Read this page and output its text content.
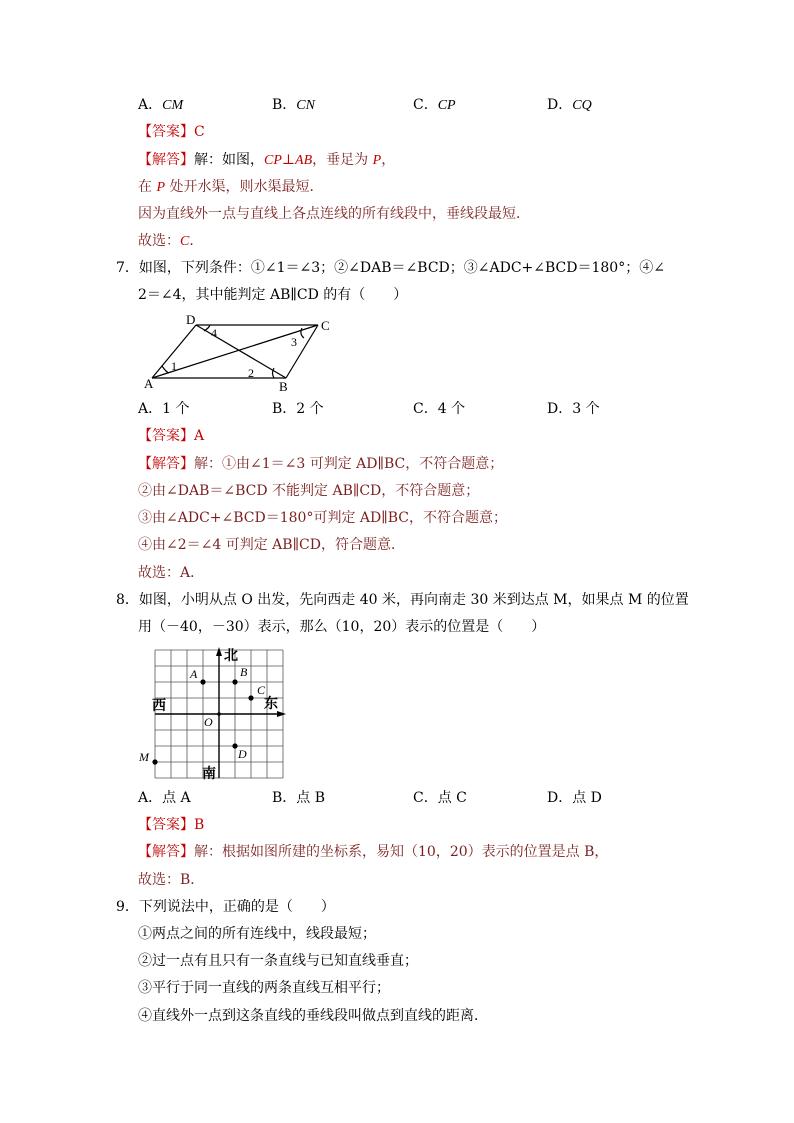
A．CM	B．CN	C．CP	D．CQ
【答案】C
【解答】解：如图，CP⊥AB，垂足为 P，
在 P 处开水渠，则水渠最短．
因为直线外一点与直线上各点连线的所有线段中，垂线段最短．
故选：C．
7．如图，下列条件：①∠1＝∠3；②∠DAB＝∠BCD；③∠ADC+∠BCD＝180°；④∠
2＝∠4，其中能判定 AB∥CD 的有（　　）
A	B
C
D
1	2
3
4
A．1 个	B．2 个	C．4 个	D．3 个
【答案】A
【解答】解：①由∠1＝∠3 可判定 AD∥BC，不符合题意；
②由∠DAB＝∠BCD 不能判定 AB∥CD，不符合题意；
③由∠ADC+∠BCD＝180°可判定 AD∥BC，不符合题意；
④由∠2＝∠4 可判定 AB∥CD，符合题意．
故选：A．
8．如图，小明从点 O 出发，先向西走 40 米，再向南走 30 米到达点 M，如果点 M 的位置
用（－40，－30）表示，那么（10，20）表示的位置是（　　）
北
南
东
西
A	B
C
D
O
M
A．点 A	B．点 B	C．点 C	D．点 D
【答案】B
【解答】解：根据如图所建的坐标系，易知（10，20）表示的位置是点 B，
故选：B．
9．下列说法中，正确的是（　　）
①两点之间的所有连线中，线段最短；
②过一点有且只有一条直线与已知直线垂直；
③平行于同一直线的两条直线互相平行；
④直线外一点到这条直线的垂线段叫做点到直线的距离．
